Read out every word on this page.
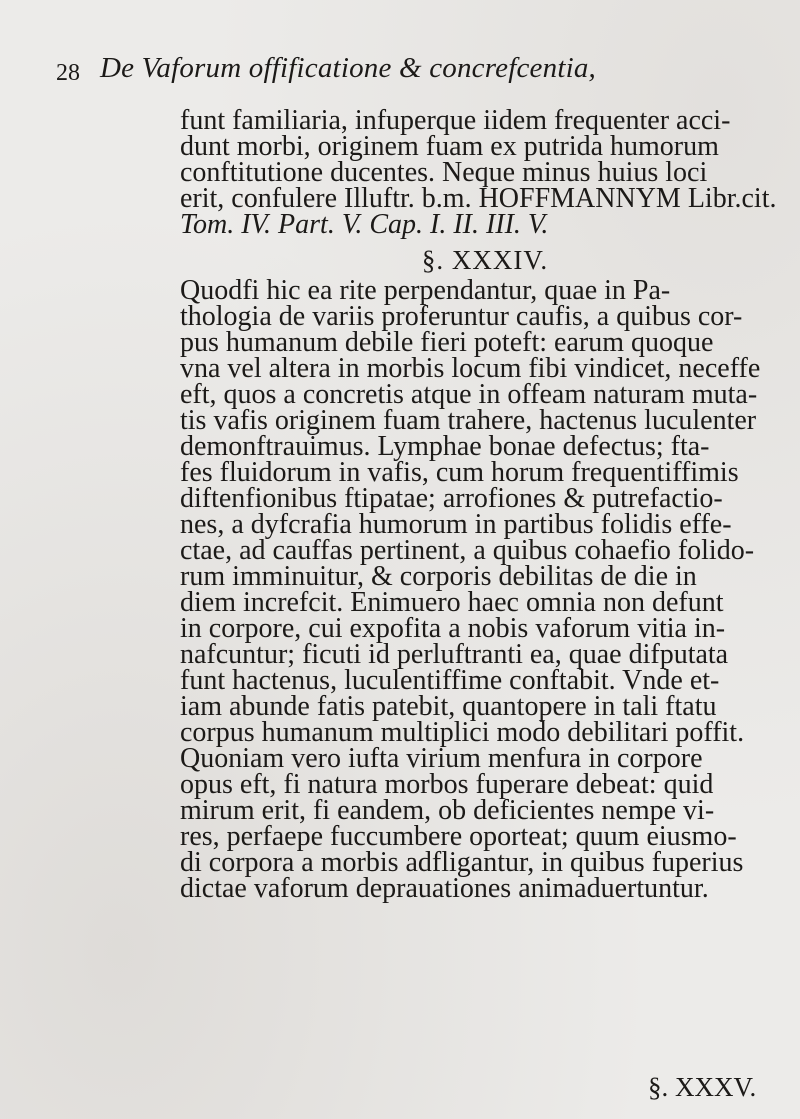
28 De Vaforum offificatione & concrefcentia,
funt familiaria, infuperque iidem frequenter acci-
dunt morbi, originem fuam ex putrida humorum
conftitutione ducentes. Neque minus huius loci
erit, confulere Illuftr. b.m. HOFFMANNYM Libr.cit.
Tom. IV. Part. V. Cap. I. II. III. V.
§. XXXIV.
Quodfi hic ea rite perpendantur, quae in Pa-
thologia de variis proferuntur caufis, a quibus cor-
pus humanum debile fieri poteft: earum quoque
vna vel altera in morbis locum fibi vindicet, neceffe
eft, quos a concretis atque in offeam naturam muta-
tis vafis originem fuam trahere, hactenus luculenter
demonftrauimus. Lymphae bonae defectus; fta-
fes fluidorum in vafis, cum horum frequentiffimis
diftenfionibus ftipatae; arrofiones & putrefactio-
nes, a dyfcrafia humorum in partibus folidis effe-
ctae, ad cauffas pertinent, a quibus cohaefio folido-
rum imminuitur, & corporis debilitas de die in
diem increfcit. Enimuero haec omnia non defunt
in corpore, cui expofita a nobis vaforum vitia in-
nafcuntur; ficuti id perluftranti ea, quae difputata
funt hactenus, luculentiffime conftabit. Vnde et-
iam abunde fatis patebit, quantopere in tali ftatu
corpus humanum multiplici modo debilitari poffit.
Quoniam vero iufta virium menfura in corpore
opus eft, fi natura morbos fuperare debeat: quid
mirum erit, fi eandem, ob deficientes nempe vi-
res, perfaepe fuccumbere oporteat; quum eiusmo-
di corpora a morbis adfligantur, in quibus fuperius
dictae vaforum deprauationes animaduertuntur.
§. XXXV.
